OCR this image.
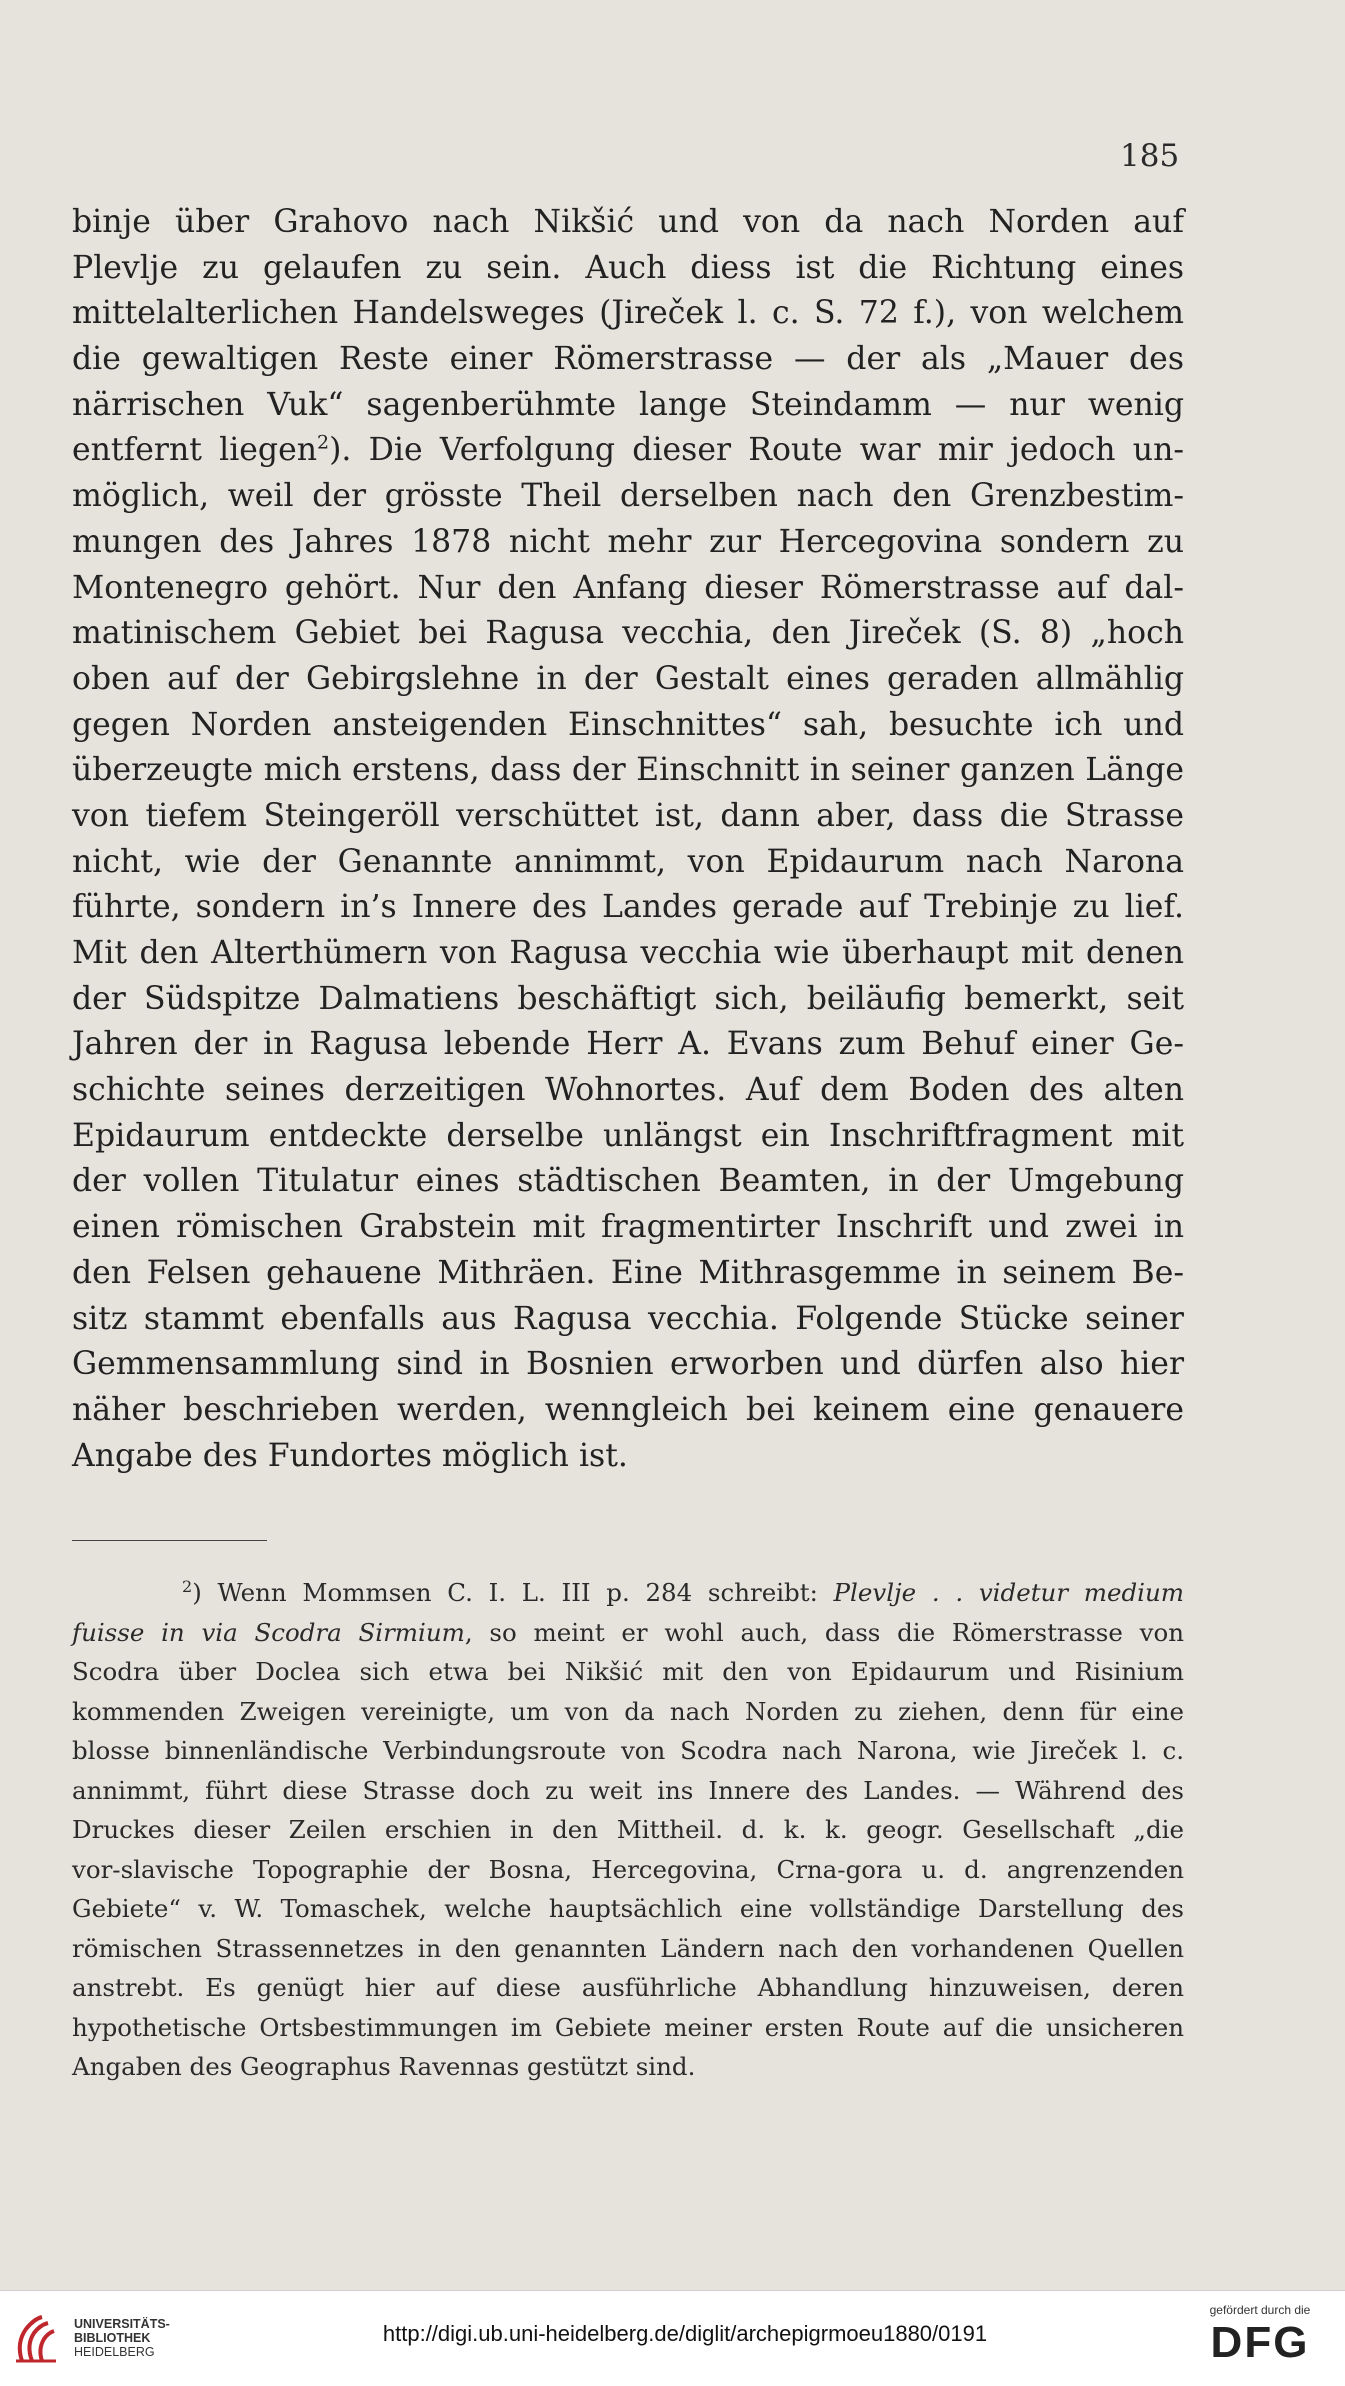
185
binje über Grahovo nach Nikšić und von da nach Norden auf
Plevlje zu gelaufen zu sein. Auch diess ist die Richtung eines
mittelalterlichen Handelsweges (Jireček l. c. S. 72 f.), von welchem
die gewaltigen Reste einer Römerstrasse — der als „Mauer des
närrischen Vuk“ sagenberühmte lange Steindamm — nur wenig
entfernt liegen$^2$). Die Verfolgung dieser Route war mir jedoch un-
möglich, weil der grösste Theil derselben nach den Grenzbestim-
mungen des Jahres 1878 nicht mehr zur Hercegovina sondern zu
Montenegro gehört. Nur den Anfang dieser Römerstrasse auf dal-
matinischem Gebiet bei Ragusa vecchia, den Jireček (S. 8) „hoch
oben auf der Gebirgslehne in der Gestalt eines geraden allmählig
gegen Norden ansteigenden Einschnittes“ sah, besuchte ich und
überzeugte mich erstens, dass der Einschnitt in seiner ganzen Länge
von tiefem Steingeröll verschüttet ist, dann aber, dass die Strasse
nicht, wie der Genannte annimmt, von Epidaurum nach Narona
führte, sondern in’s Innere des Landes gerade auf Trebinje zu lief.
Mit den Alterthümern von Ragusa vecchia wie überhaupt mit denen
der Südspitze Dalmatiens beschäftigt sich, beiläufig bemerkt, seit
Jahren der in Ragusa lebende Herr A. Evans zum Behuf einer Ge-
schichte seines derzeitigen Wohnortes. Auf dem Boden des alten
Epidaurum entdeckte derselbe unlängst ein Inschriftfragment mit
der vollen Titulatur eines städtischen Beamten, in der Umgebung
einen römischen Grabstein mit fragmentirter Inschrift und zwei in
den Felsen gehauene Mithräen. Eine Mithrasgemme in seinem Be-
sitz stammt ebenfalls aus Ragusa vecchia. Folgende Stücke seiner
Gemmensammlung sind in Bosnien erworben und dürfen also hier
näher beschrieben werden, wenngleich bei keinem eine genauere
Angabe des Fundortes möglich ist.
$^2$) Wenn Mommsen C. I. L. III p. 284 schreibt: Plevlje . . videtur medium
fuisse in via Scodra Sirmium, so meint er wohl auch, dass die Römerstrasse von
Scodra über Doclea sich etwa bei Nikšić mit den von Epidaurum und Risinium
kommenden Zweigen vereinigte, um von da nach Norden zu ziehen, denn für eine
blosse binnenländische Verbindungsroute von Scodra nach Narona, wie Jireček l. c.
annimmt, führt diese Strasse doch zu weit ins Innere des Landes. — Während des
Druckes dieser Zeilen erschien in den Mittheil. d. k. k. geogr. Gesellschaft „die
vor-slavische Topographie der Bosna, Hercegovina, Crna-gora u. d. angrenzenden
Gebiete“ v. W. Tomaschek, welche hauptsächlich eine vollständige Darstellung des
römischen Strassennetzes in den genannten Ländern nach den vorhandenen Quellen
anstrebt. Es genügt hier auf diese ausführliche Abhandlung hinzuweisen, deren
hypothetische Ortsbestimmungen im Gebiete meiner ersten Route auf die unsicheren
Angaben des Geographus Ravennas gestützt sind.
UNIVERSITÄTS-
BIBLIOTHEK
HEIDELBERG
http://digi.ub.uni-heidelberg.de/diglit/archepigrmoeu1880/0191
gefördert durch die
DFG
